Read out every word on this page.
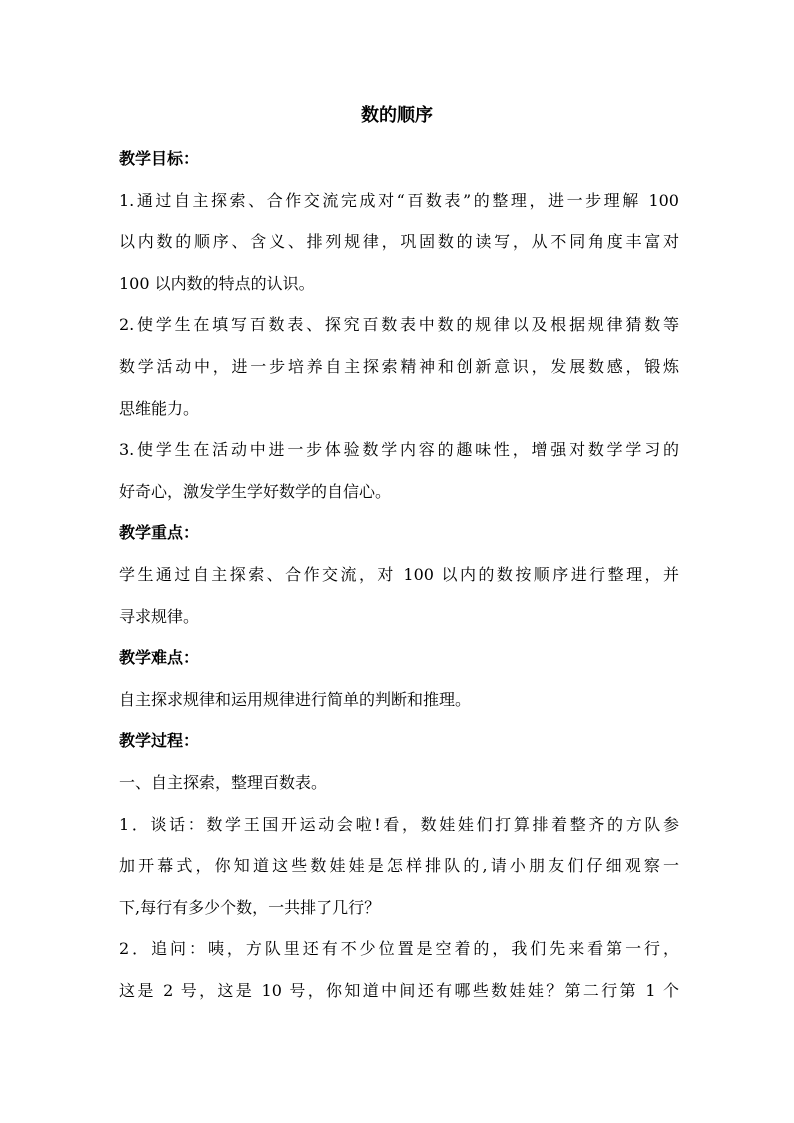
数的顺序
教学目标：
1.通过自主探索、合作交流完成对“百数表”的整理，进一步理解 100
以内数的顺序、含义、排列规律，巩固数的读写，从不同角度丰富对
100 以内数的特点的认识。
2.使学生在填写百数表、探究百数表中数的规律以及根据规律猜数等
数学活动中，进一步培养自主探索精神和创新意识，发展数感，锻炼
思维能力。
3.使学生在活动中进一步体验数学内容的趣味性，增强对数学学习的
好奇心，激发学生学好数学的自信心。
教学重点：
学生通过自主探索、合作交流，对 100 以内的数按顺序进行整理，并
寻求规律。
教学难点：
自主探求规律和运用规律进行简单的判断和推理。
教学过程：
一、自主探索，整理百数表。
1．谈话：数学王国开运动会啦!看，数娃娃们打算排着整齐的方队参
加开幕式，你知道这些数娃娃是怎样排队的,请小朋友们仔细观察一
下,每行有多少个数，一共排了几行？
2．追问：咦，方队里还有不少位置是空着的，我们先来看第一行，
这是 2 号，这是 10 号，你知道中间还有哪些数娃娃？第二行第 1 个
